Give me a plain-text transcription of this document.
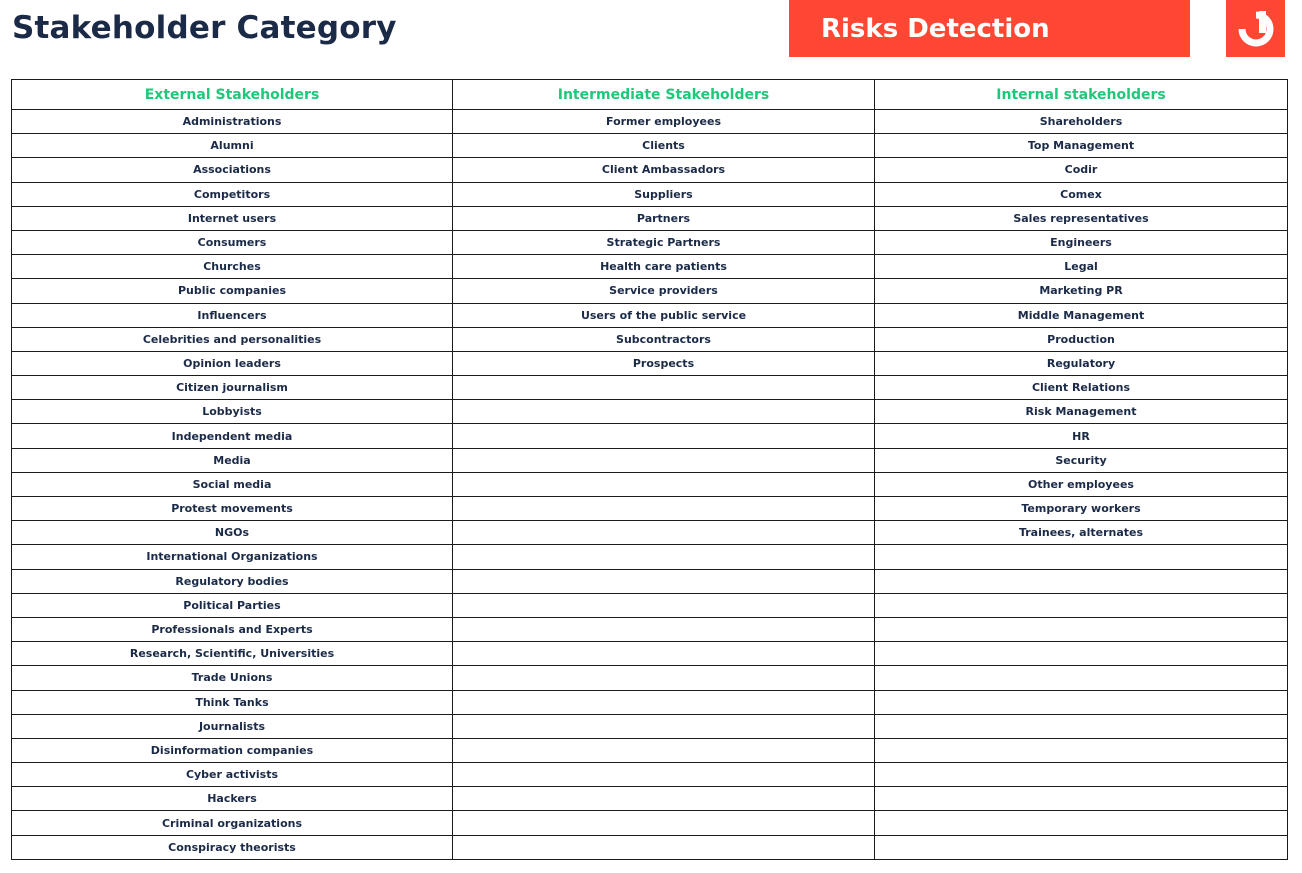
Stakeholder Category	Risks Detection
External Stakeholders	Intermediate Stakeholders	Internal stakeholders
Administrations	Former employees	Shareholders
Alumni	Clients	Top Management
Associations	Client Ambassadors	Codir
Competitors	Suppliers	Comex
Internet users	Partners	Sales representatives
Consumers	Strategic Partners	Engineers
Churches	Health care patients	Legal
Public companies	Service providers	Marketing PR
Influencers	Users of the public service	Middle Management
Celebrities and personalities	Subcontractors	Production
Opinion leaders	Prospects	Regulatory
Citizen journalism		Client Relations
Lobbyists		Risk Management
Independent media		HR
Media		Security
Social media		Other employees
Protest movements		Temporary workers
NGOs		Trainees, alternates
International Organizations		
Regulatory bodies		
Political Parties		
Professionals and Experts		
Research, Scientific, Universities		
Trade Unions		
Think Tanks		
Journalists		
Disinformation companies		
Cyber activists		
Hackers		
Criminal organizations		
Conspiracy theorists		
